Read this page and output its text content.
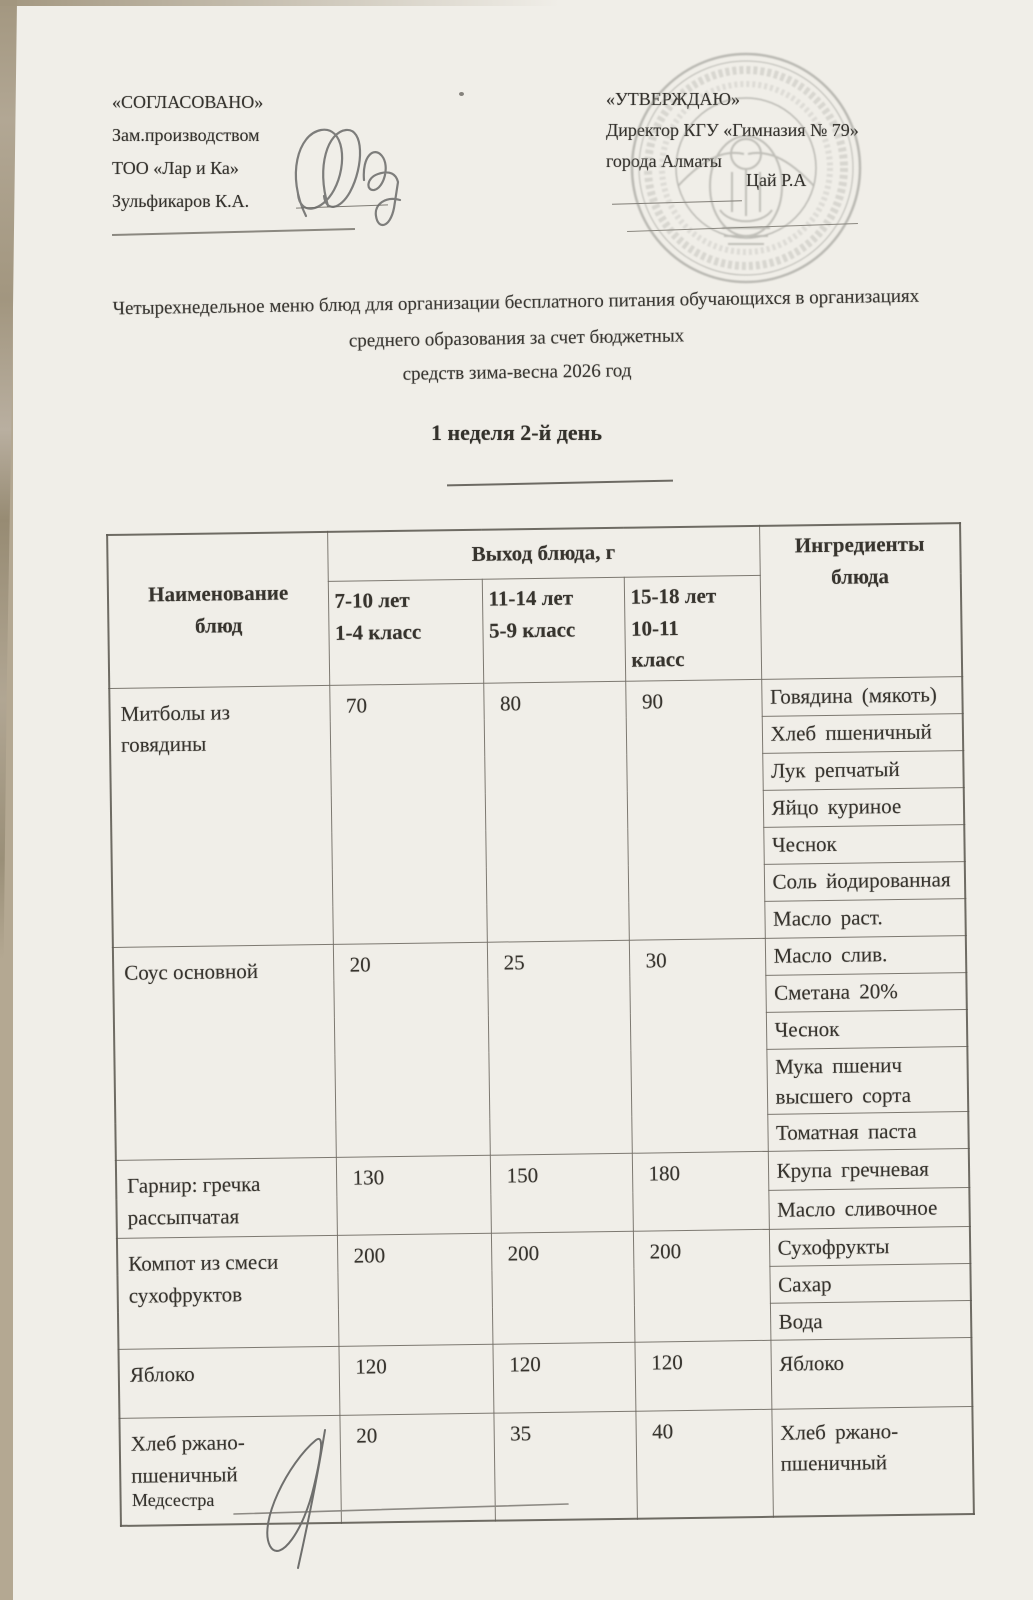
«СОГЛАСОВАНО»
Зам.производством
ТОО «Лар и Ка»
Зульфикаров К.А.
«УТВЕРЖДАЮ»
Директор КГУ «Гимназия № 79»
города Алматы
Цай Р.А
Четырехнедельное меню блюд для организации бесплатного питания обучающихся в организациях
среднего образования за счет бюджетных
средств зима-весна 2026 год
1 неделя 2-й день
Наименование
блюд	Выход блюда, г			Ингредиенты
блюда
	7-10 лет
1-4 класс	11-14 лет
5-9 класс	15-18 лет
10-11
класс	
Митболы из
говядины	70	80	90	Говядина (мякоть)
				Хлеб пшеничный
				Лук репчатый
				Яйцо куриное
				Чеснок
				Соль йодированная
				Масло раст.
Соус основной	20	25	30	Масло слив.
				Сметана 20%
				Чеснок
				Мука пшенич
высшего сорта
				Томатная паста
Гарнир: гречка
рассыпчатая	130	150	180	Крупа гречневая
				Масло сливочное
Компот из смеси
сухофруктов	200	200	200	Сухофрукты
				Сахар
				Вода
Яблоко	120	120	120	Яблоко
Хлеб ржано-
пшеничный	20	35	40	Хлеб ржано-
пшеничный
Медсестра
